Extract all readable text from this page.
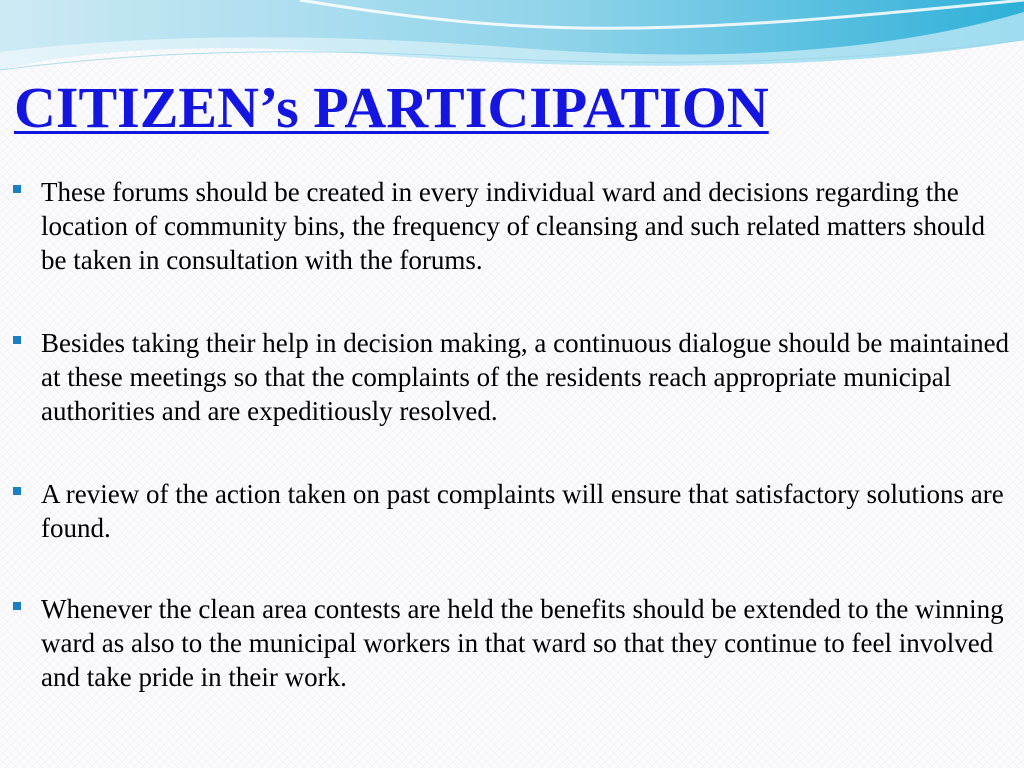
CITIZEN’s PARTICIPATION
These forums should be created in every individual ward and decisions regarding the location of community bins, the frequency of cleansing and such related matters should be taken in consultation with the forums.
Besides taking their help in decision making, a continuous dialogue should be maintained at these meetings so that the complaints of the residents reach appropriate municipal authorities and are expeditiously resolved.
A review of the action taken on past complaints will ensure that satisfactory solutions are found.
Whenever the clean area contests are held the benefits should be extended to the winning ward as also to the municipal workers in that ward so that they continue to feel involved and take pride in their work.
